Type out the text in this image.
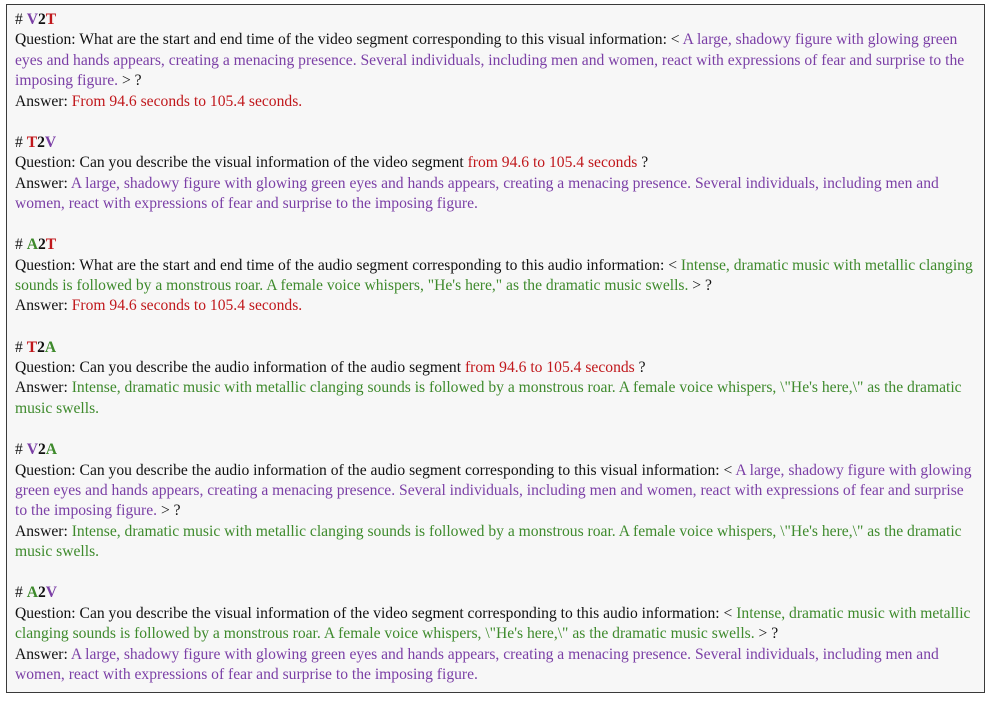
# V2T
Question: What are the start and end time of the video segment corresponding to this visual information: < A large, shadowy figure with glowing green eyes and hands appears, creating a menacing presence. Several individuals, including men and women, react with expressions of fear and surprise to the imposing figure. > ?
Answer: From 94.6 seconds to 105.4 seconds.
# T2V
Question: Can you describe the visual information of the video segment from 94.6 to 105.4 seconds ?
Answer: A large, shadowy figure with glowing green eyes and hands appears, creating a menacing presence. Several individuals, including men and women, react with expressions of fear and surprise to the imposing figure.
# A2T
Question: What are the start and end time of the audio segment corresponding to this audio information: < Intense, dramatic music with metallic clanging sounds is followed by a monstrous roar. A female voice whispers, "He's here," as the dramatic music swells. > ?
Answer: From 94.6 seconds to 105.4 seconds.
# T2A
Question: Can you describe the audio information of the audio segment from 94.6 to 105.4 seconds ?
Answer: Intense, dramatic music with metallic clanging sounds is followed by a monstrous roar. A female voice whispers, \"He's here,\" as the dramatic music swells.
# V2A
Question: Can you describe the audio information of the audio segment corresponding to this visual information: < A large, shadowy figure with glowing green eyes and hands appears, creating a menacing presence. Several individuals, including men and women, react with expressions of fear and surprise to the imposing figure. > ?
Answer: Intense, dramatic music with metallic clanging sounds is followed by a monstrous roar. A female voice whispers, \"He's here,\" as the dramatic music swells.
# A2V
Question: Can you describe the visual information of the video segment corresponding to this audio information: < Intense, dramatic music with metallic clanging sounds is followed by a monstrous roar. A female voice whispers, \"He's here,\" as the dramatic music swells. > ?
Answer: A large, shadowy figure with glowing green eyes and hands appears, creating a menacing presence. Several individuals, including men and women, react with expressions of fear and surprise to the imposing figure.
